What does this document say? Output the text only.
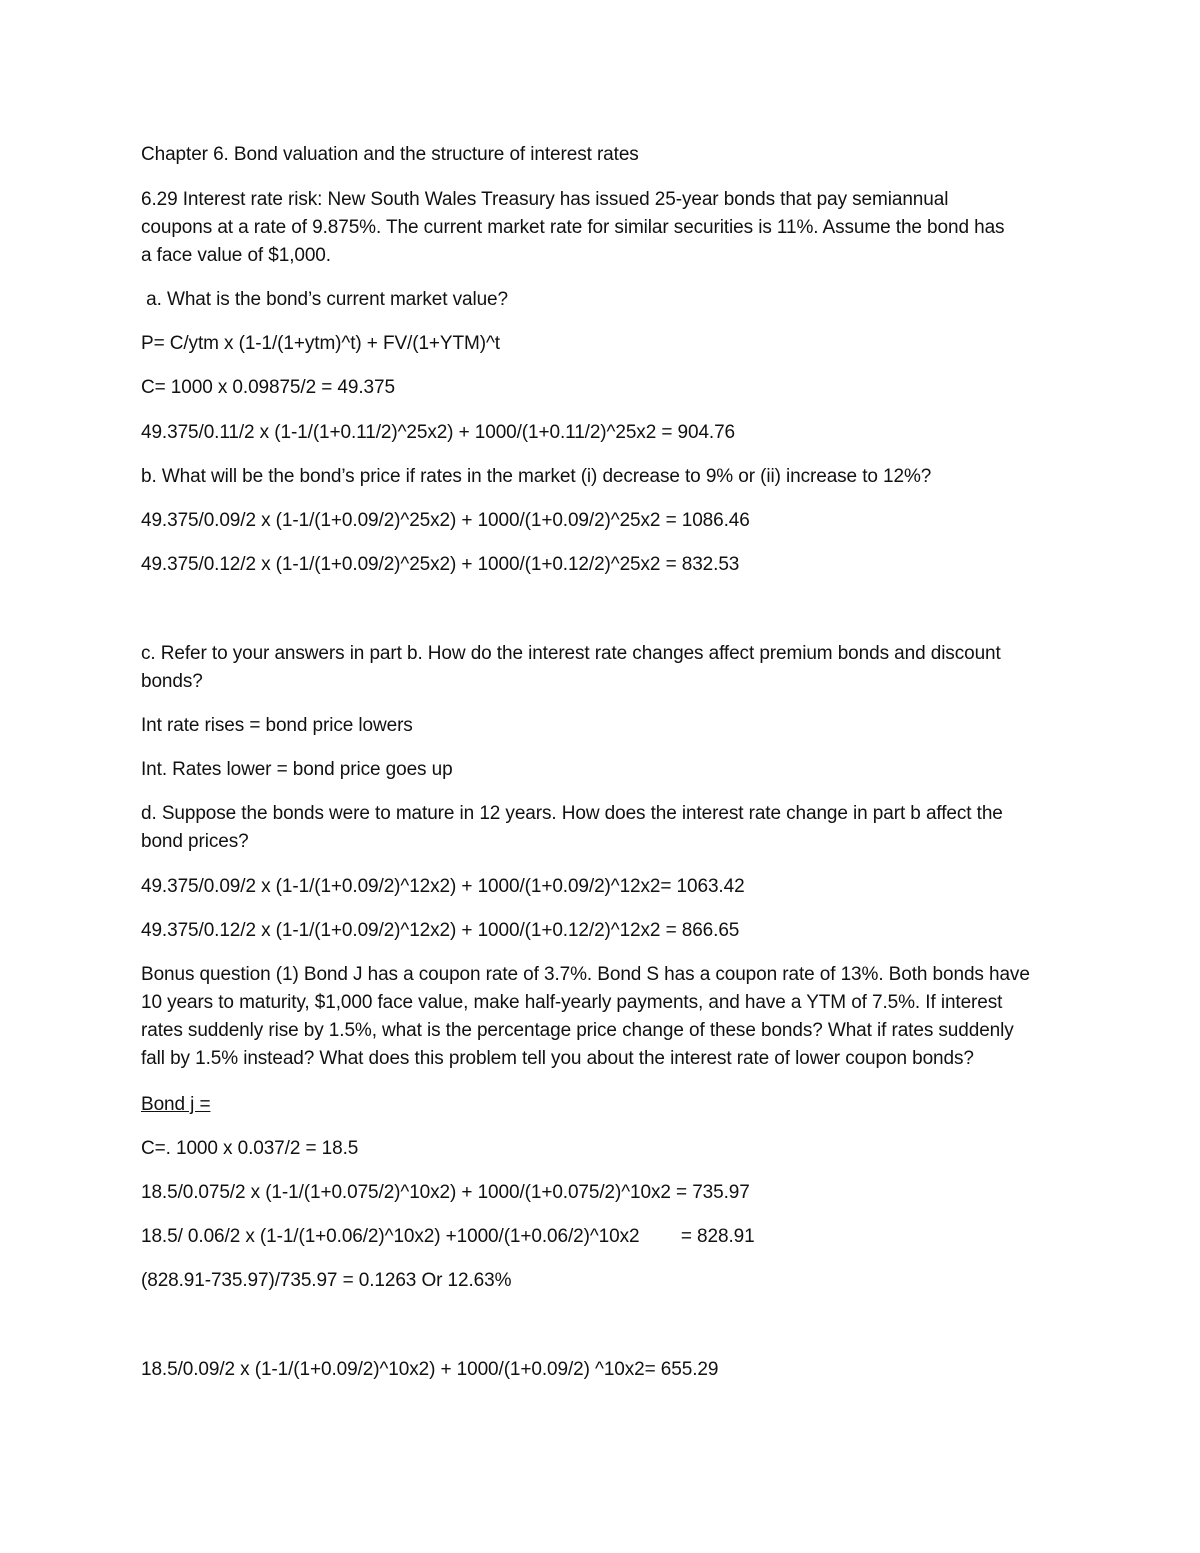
Chapter 6. Bond valuation and the structure of interest rates
6.29 Interest rate risk: New South Wales Treasury has issued 25-year bonds that pay semiannual
coupons at a rate of 9.875%. The current market rate for similar securities is 11%. Assume the bond has
a face value of $1,000.
a. What is the bond’s current market value?
P= C/ytm x (1-1/(1+ytm)^t) + FV/(1+YTM)^t
C= 1000 x 0.09875/2 = 49.375
49.375/0.11/2 x (1-1/(1+0.11/2)^25x2) + 1000/(1+0.11/2)^25x2 = 904.76
b. What will be the bond’s price if rates in the market (i) decrease to 9% or (ii) increase to 12%?
49.375/0.09/2 x (1-1/(1+0.09/2)^25x2) + 1000/(1+0.09/2)^25x2 = 1086.46
49.375/0.12/2 x (1-1/(1+0.09/2)^25x2) + 1000/(1+0.12/2)^25x2 = 832.53
c. Refer to your answers in part b. How do the interest rate changes affect premium bonds and discount
bonds?
Int rate rises = bond price lowers
Int. Rates lower = bond price goes up
d. Suppose the bonds were to mature in 12 years. How does the interest rate change in part b affect the
bond prices?
49.375/0.09/2 x (1-1/(1+0.09/2)^12x2) + 1000/(1+0.09/2)^12x2= 1063.42
49.375/0.12/2 x (1-1/(1+0.09/2)^12x2) + 1000/(1+0.12/2)^12x2 = 866.65
Bonus question (1) Bond J has a coupon rate of 3.7%. Bond S has a coupon rate of 13%. Both bonds have
10 years to maturity, $1,000 face value, make half-yearly payments, and have a YTM of 7.5%. If interest
rates suddenly rise by 1.5%, what is the percentage price change of these bonds? What if rates suddenly
fall by 1.5% instead? What does this problem tell you about the interest rate of lower coupon bonds?
Bond j =
C=. 1000 x 0.037/2 = 18.5
18.5/0.075/2 x (1-1/(1+0.075/2)^10x2) + 1000/(1+0.075/2)^10x2 = 735.97
18.5/ 0.06/2 x (1-1/(1+0.06/2)^10x2) +1000/(1+0.06/2)^10x2        = 828.91
(828.91-735.97)/735.97 = 0.1263 Or 12.63%
18.5/0.09/2 x (1-1/(1+0.09/2)^10x2) + 1000/(1+0.09/2) ^10x2= 655.29
